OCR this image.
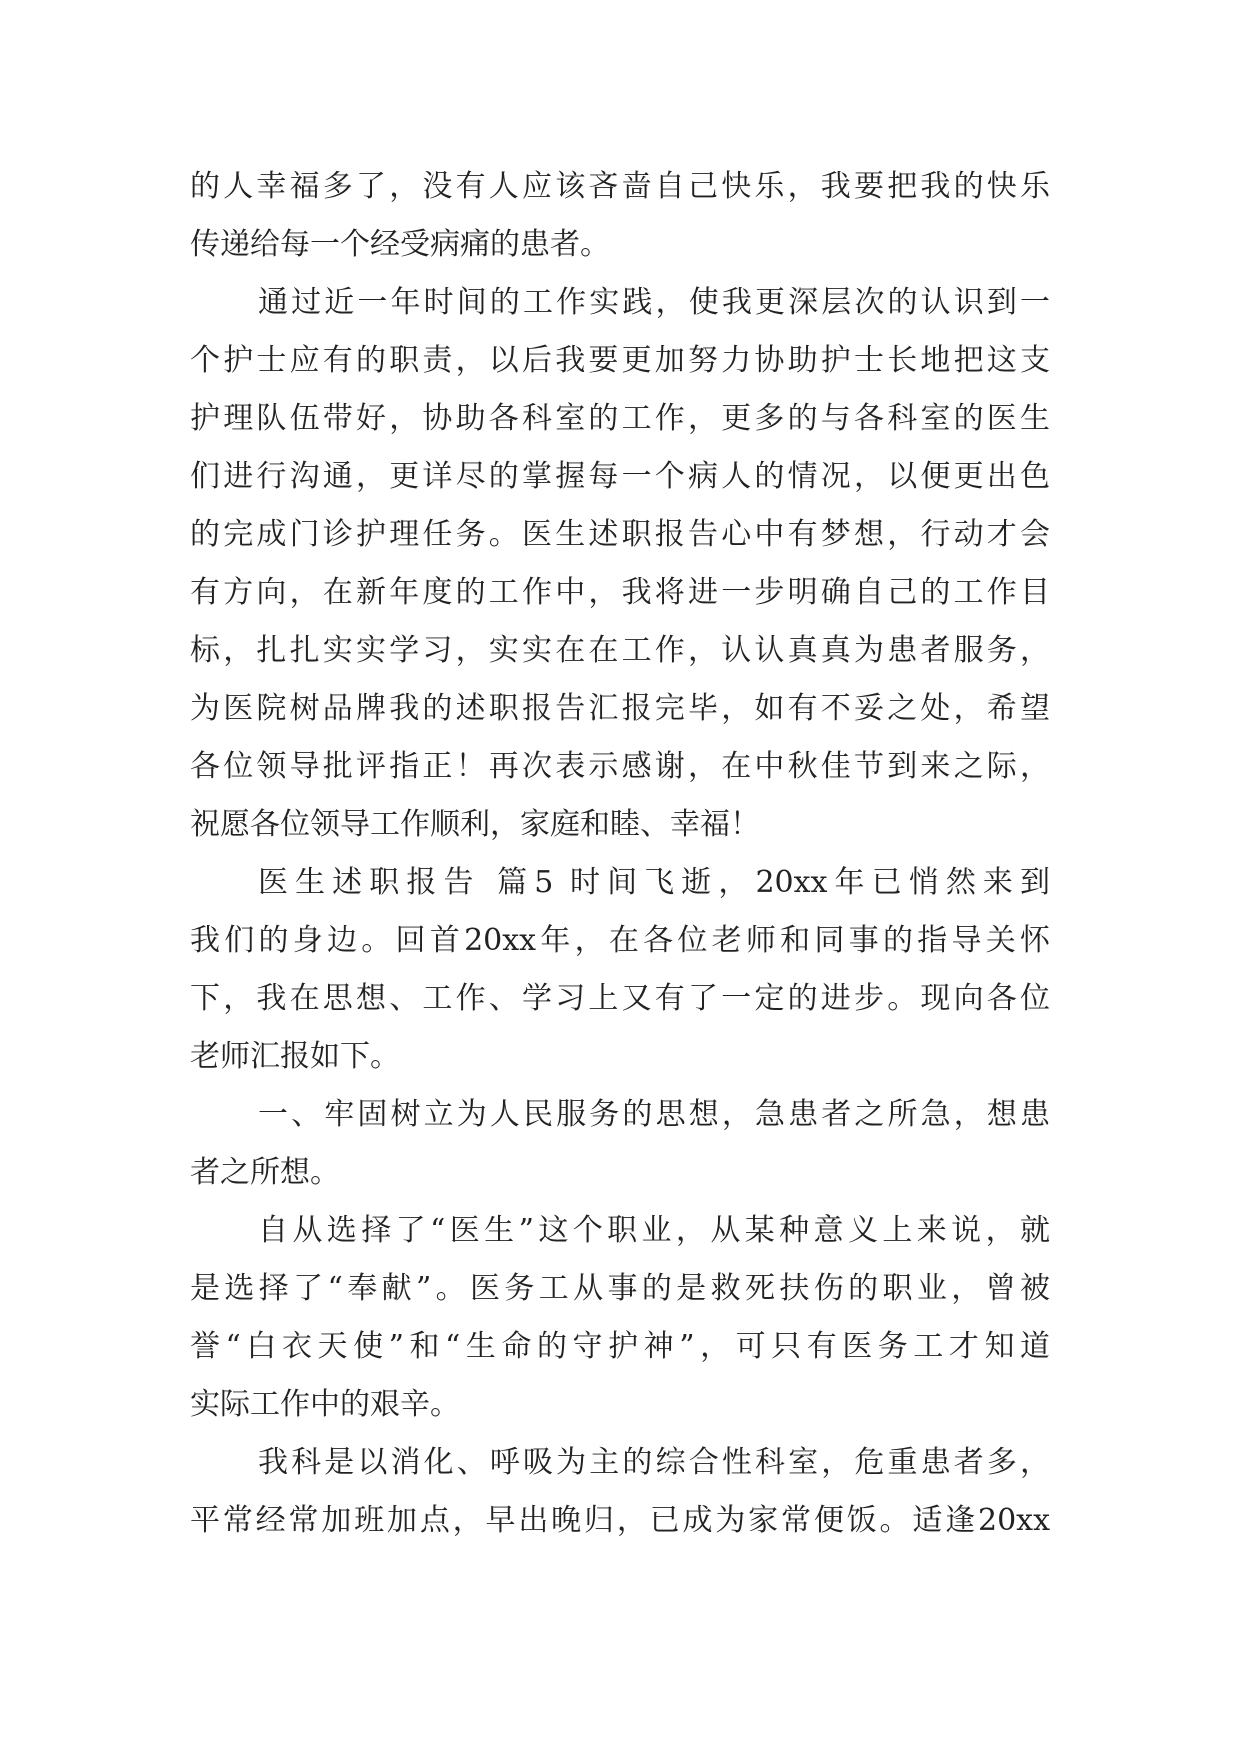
的人幸福多了，没有人应该吝啬自己快乐，我要把我的快乐
传递给每一个经受病痛的患者。
通过近一年时间的工作实践，使我更深层次的认识到一
个护士应有的职责，以后我要更加努力协助护士长地把这支
护理队伍带好，协助各科室的工作，更多的与各科室的医生
们进行沟通，更详尽的掌握每一个病人的情况，以便更出色
的完成门诊护理任务。医生述职报告心中有梦想，行动才会
有方向，在新年度的工作中，我将进一步明确自己的工作目
标，扎扎实实学习，实实在在工作，认认真真为患者服务，
为医院树品牌我的述职报告汇报完毕，如有不妥之处，希望
各位领导批评指正！再次表示感谢，在中秋佳节到来之际，
祝愿各位领导工作顺利，家庭和睦、幸福！
医生述职报告 篇5 时间飞逝，20xx年已悄然来到
我们的身边。回首20xx年，在各位老师和同事的指导关怀
下，我在思想、工作、学习上又有了一定的进步。现向各位
老师汇报如下。
一、牢固树立为人民服务的思想，急患者之所急，想患
者之所想。
自从选择了“医生”这个职业，从某种意义上来说，就
是选择了“奉献”。医务工从事的是救死扶伤的职业，曾被
誉“白衣天使”和“生命的守护神”，可只有医务工才知道
实际工作中的艰辛。
我科是以消化、呼吸为主的综合性科室，危重患者多，
平常经常加班加点，早出晚归，已成为家常便饭。适逢20xx
